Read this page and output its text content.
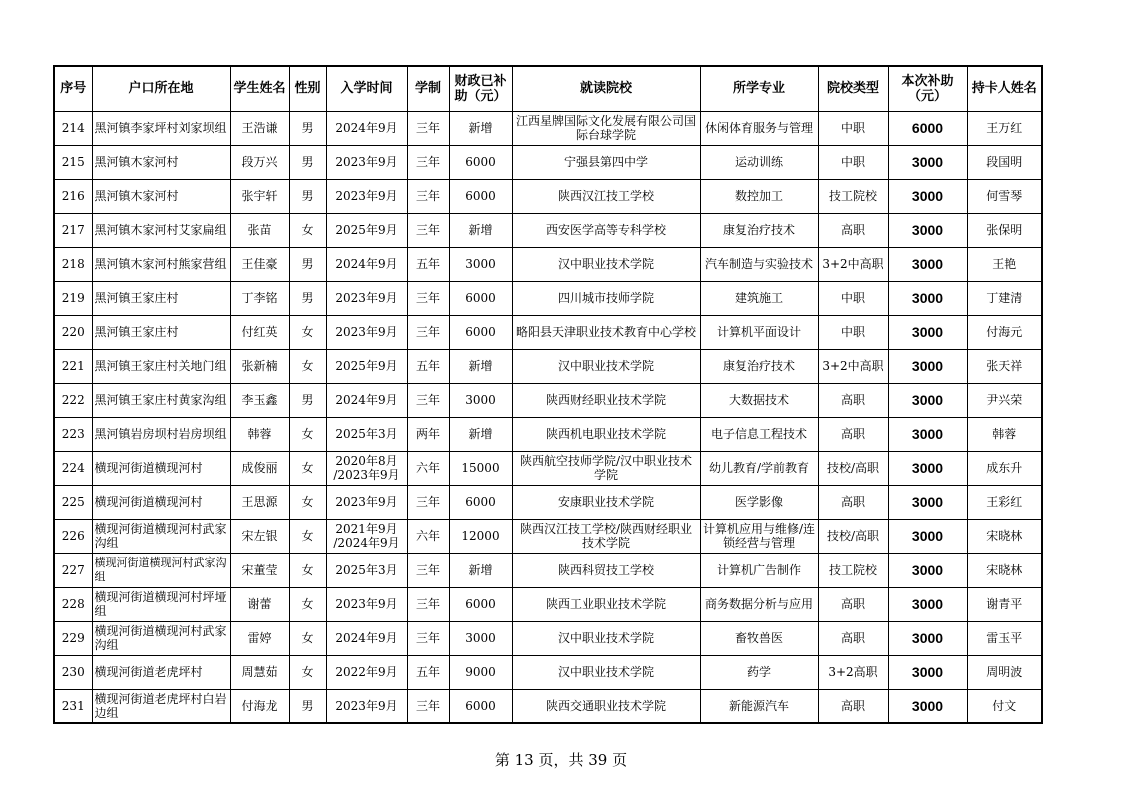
序号	户口所在地	学生姓名	性别	入学时间	学制	财政已补
助（元）	就读院校	所学专业	院校类型	本次补助
（元）	持卡人姓名
214	黑河镇李家坪村刘家坝组	王浩谦	男	2024年9月	三年	新增	江西星牌国际文化发展有限公司国
际台球学院	休闲体育服务与管理	中职	6000	王万红
215	黑河镇木家河村	段万兴	男	2023年9月	三年	6000	宁强县第四中学	运动训练	中职	3000	段国明
216	黑河镇木家河村	张宇轩	男	2023年9月	三年	6000	陕西汉江技工学校	数控加工	技工院校	3000	何雪琴
217	黑河镇木家河村艾家扁组	张苗	女	2025年9月	三年	新增	西安医学高等专科学校	康复治疗技术	高职	3000	张保明
218	黑河镇木家河村熊家营组	王佳豪	男	2024年9月	五年	3000	汉中职业技术学院	汽车制造与实验技术	3+2中高职	3000	王艳
219	黑河镇王家庄村	丁李铭	男	2023年9月	三年	6000	四川城市技师学院	建筑施工	中职	3000	丁建清
220	黑河镇王家庄村	付红英	女	2023年9月	三年	6000	略阳县天津职业技术教育中心学校	计算机平面设计	中职	3000	付海元
221	黑河镇王家庄村关地门组	张新楠	女	2025年9月	五年	新增	汉中职业技术学院	康复治疗技术	3+2中高职	3000	张天祥
222	黑河镇王家庄村黄家沟组	李玉鑫	男	2024年9月	三年	3000	陕西财经职业技术学院	大数据技术	高职	3000	尹兴荣
223	黑河镇岩房坝村岩房坝组	韩蓉	女	2025年3月	两年	新增	陕西机电职业技术学院	电子信息工程技术	高职	3000	韩蓉
224	横现河街道横现河村	成俊丽	女	2020年8月
/2023年9月	六年	15000	陕西航空技师学院/汉中职业技术
学院	幼儿教育/学前教育	技校/高职	3000	成东升
225	横现河街道横现河村	王思源	女	2023年9月	三年	6000	安康职业技术学院	医学影像	高职	3000	王彩红
226	横现河街道横现河村武家
沟组	宋左银	女	2021年9月
/2024年9月	六年	12000	陕西汉江技工学校/陕西财经职业
技术学院	计算机应用与维修/连
锁经营与管理	技校/高职	3000	宋晓林
227	横现河街道横现河村武家沟
组	宋董莹	女	2025年3月	三年	新增	陕西科贸技工学校	计算机广告制作	技工院校	3000	宋晓林
228	横现河街道横现河村坪垭
组	谢蕾	女	2023年9月	三年	6000	陕西工业职业技术学院	商务数据分析与应用	高职	3000	谢青平
229	横现河街道横现河村武家
沟组	雷婷	女	2024年9月	三年	3000	汉中职业技术学院	畜牧兽医	高职	3000	雷玉平
230	横现河街道老虎坪村	周慧茹	女	2022年9月	五年	9000	汉中职业技术学院	药学	3+2高职	3000	周明波
231	横现河街道老虎坪村白岩
边组	付海龙	男	2023年9月	三年	6000	陕西交通职业技术学院	新能源汽车	高职	3000	付文
第 13 页，共 39 页
